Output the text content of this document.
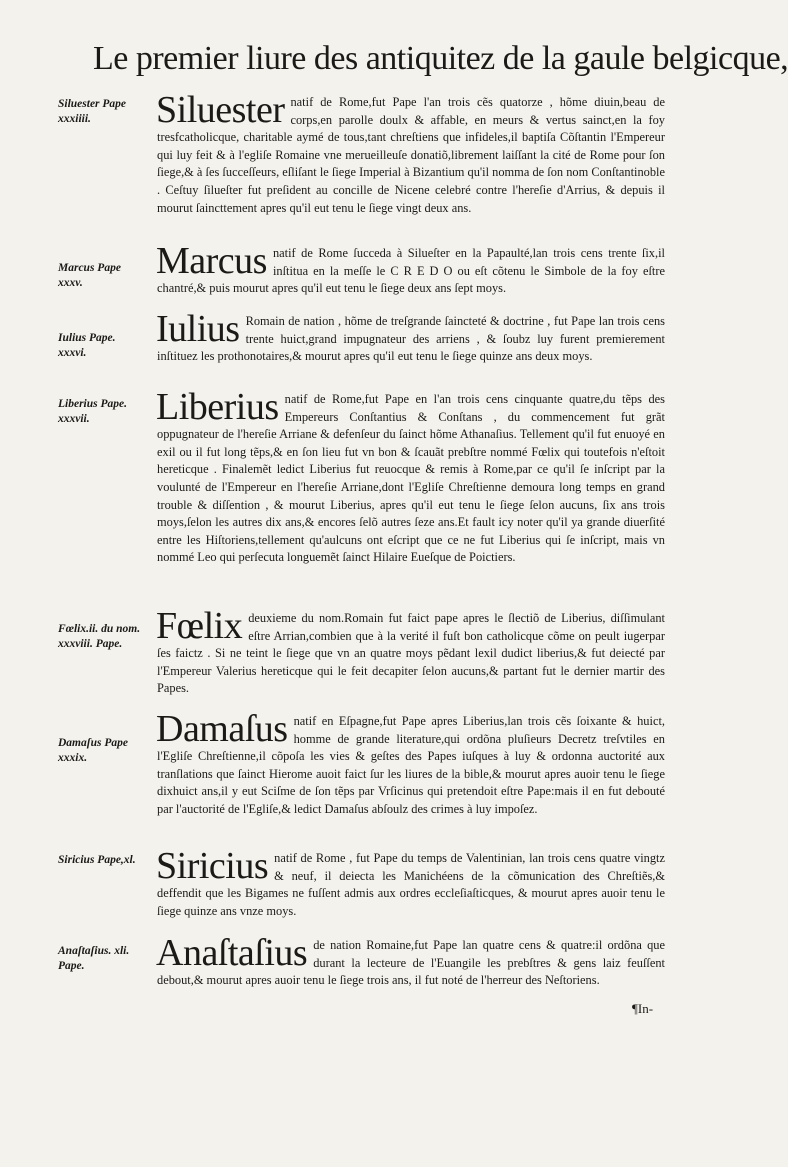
Le premier liure des antiquitez de la gaule belgicque,
Siluester Pape
xxxiiii.	Siluester natif de Rome,fut Pape l'an trois cẽs quatorze , hõme diuin,beau de corps,en parolle doulx & affable, en meurs & vertus sainct,en la foy tresfcatholicque, charitable aymé de tous,tant chreſtiens que infideles,il baptiſa Cõſtantin l'Empereur qui luy feit & à l'egliſe Romaine vne merueilleuſe donatiõ,librement laiſſant la cité de Rome pour ſon ſiege,& à ſes ſucceſſeurs, eſliſant le ſiege Imperial à Bizantium qu'il nomma de ſon nom Conſtantinoble . Ceſtuy ſilueſter fut preſident au concille de Nicene celebré contre l'hereſie d'Arrius, & depuis il mourut ſaincttement apres qu'il eut tenu le ſiege vingt deux ans.

Marcus Pape
xxxv.
Marcus natif de Rome ſucceda à Silueſter en la Papaulté,lan trois cens trente ſix,il inſtitua en la meſſe le C R E D O ou eſt cõtenu le Simbole de la foy eſtre chantré,& puis mourut apres qu'il eut tenu le ſiege deux ans ſept moys.

Iulius Pape.
xxxvi.
Iulius Romain de nation , hõme de treſgrande ſaincteté & doctrine , fut Pape lan trois cens trente huict,grand impugnateur des arriens , & ſoubz luy furent premierement inſtituez les prothonotaires,& mourut apres qu'il eut tenu le ſiege quinze ans deux moys.

Liberius Pape.
xxxvii.	Liberius natif de Rome,fut Pape en l'an trois cens cinquante quatre,du tẽps des Empereurs Conſtantius & Conſtans , du commencement fut grãt oppugnateur de l'hereſie Arriane & defenſeur du ſainct hõme Athanaſius. Tellement qu'il fut enuoyé en exil ou il fut long tẽps,& en ſon lieu fut vn bon & ſcauãt prebſtre nommé Fœlix qui toutefois n'eſtoit hereticque . Finalemẽt ledict Liberius fut reuocque & remis à Rome,par ce qu'il ſe inſcript par la voulunté de l'Empereur en l'hereſie Arriane,dont l'Egliſe Chreſtienne demoura long temps en grand trouble & diſſention , & mourut Liberius, apres qu'il eut tenu le ſiege ſelon aucuns, ſix ans trois moys,ſelon les autres dix ans,& encores ſelõ autres ſeze ans.Et fault icy noter qu'il ya grande diuerſité entre les Hiſtoriens,tellement qu'aulcuns ont eſcript que ce ne fut Liberius qui ſe inſcript, mais vn nommé Leo qui perſecuta longuemẽt ſainct Hilaire Eueſque de Poictiers.

Fœlix.ii. du nom.
xxxviii. Pape. Fœlix deuxieme du nom.Romain fut faict pape apres le ſlectiõ de Liberius, diſſimulant eſtre Arrian,combien que à la verité il fuſt bon catholicque cõme on peult iugerpar ſes faictz . Si ne teint le ſiege que vn an quatre moys pẽdant lexil dudict liberius,& fut deiecté par l'Empereur Valerius hereticque qui le feit decapiter ſelon aucuns,& partant fut le dernier martir des Papes.

Damaſus Pape
xxxix.
Damaſus natif en Eſpagne,fut Pape apres Liberius,lan trois cẽs ſoixante & huict, homme de grande literature,qui ordõna pluſieurs Decretz treſvtiles en l'Egliſe Chreſtienne,il cõpoſa les vies & geſtes des Papes iuſques à luy & ordonna auctorité aux tranſlations que ſainct Hierome auoit faict ſur les liures de la bible,& mourut apres auoir tenu le ſiege dixhuict ans,il y eut Sciſme de ſon tẽps par Vrſicinus qui pretendoit eſtre Pape:mais il en fut debouté par l'auctorité de l'Egliſe,& ledict Damaſus abſoulz des crimes à luy impoſez.

Siricius Pape,xl. Siricius natif de Rome , fut Pape du temps de Valentinian, lan trois cens quatre vingtz & neuf, il deiecta les Manichéens de la cõmunication des Chreſtiẽs,& deffendit que les Bigames ne fuſſent admis aux ordres eccleſiaſticques, & mourut apres auoir tenu le ſiege quinze ans vnze moys.

Anaſtaſius. xli.
Pape.	Anaſtaſius de nation Romaine,fut Pape lan quatre cens & quatre:il ordõna que durant la lecteure de l'Euangile les prebſtres & gens laiz feuſſent debout,& mourut apres auoir tenu le ſiege trois ans, il fut noté de l'herreur des Neſtoriens.

¶In-
